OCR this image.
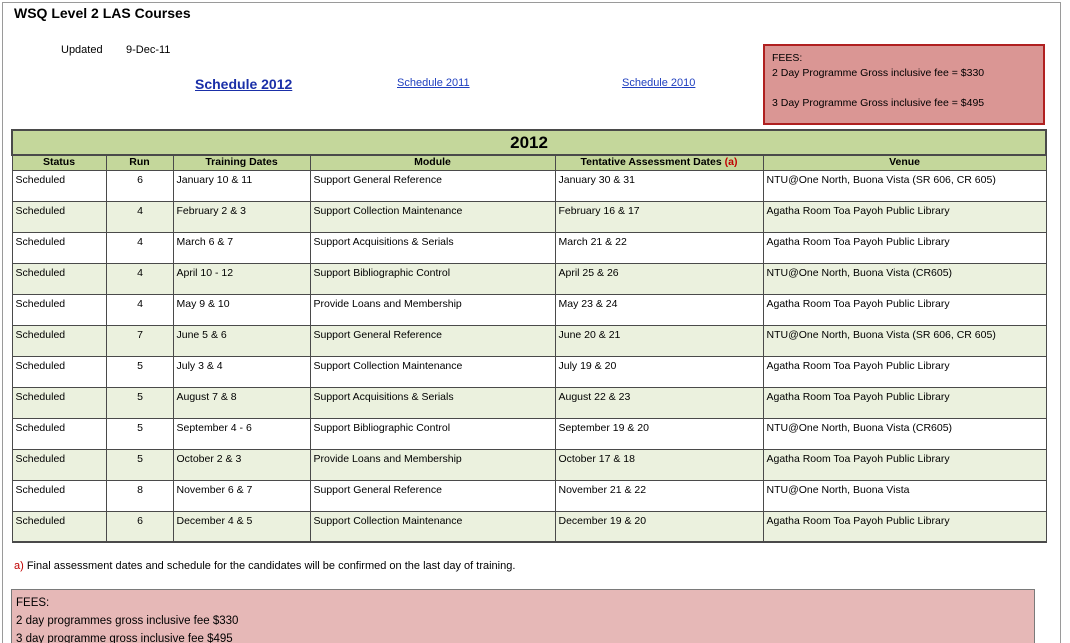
WSQ Level 2 LAS Courses
Updated 9-Dec-11
Schedule 2012	Schedule 2011	Schedule 2010
FEES:
2 Day Programme Gross inclusive fee = $330
3 Day Programme Gross inclusive fee = $495
2012					
Status	Run	Training Dates	Module	Tentative Assessment Dates (a)	Venue
Scheduled	6	January 10 & 11	Support General Reference	January 30 & 31	NTU@One North, Buona Vista (SR 606, CR 605)
Scheduled	4	February 2 & 3	Support Collection Maintenance	February 16 & 17	Agatha Room Toa Payoh Public Library
Scheduled	4	March 6 & 7	Support Acquisitions & Serials	March 21 & 22	Agatha Room Toa Payoh Public Library
Scheduled	4	April 10 - 12	Support Bibliographic Control	April 25 & 26	NTU@One North, Buona Vista (CR605)
Scheduled	4	May 9 & 10	Provide Loans and Membership	May 23 & 24	Agatha Room Toa Payoh Public Library
Scheduled	7	June 5 & 6	Support General Reference	June 20 & 21	NTU@One North, Buona Vista (SR 606, CR 605)
Scheduled	5	July 3 & 4	Support Collection Maintenance	July 19 & 20	Agatha Room Toa Payoh Public Library
Scheduled	5	August 7 & 8	Support Acquisitions & Serials	August 22 & 23	Agatha Room Toa Payoh Public Library
Scheduled	5	September 4 - 6	Support Bibliographic Control	September 19 & 20	NTU@One North, Buona Vista (CR605)
Scheduled	5	October 2 & 3	Provide Loans and Membership	October 17 & 18	Agatha Room Toa Payoh Public Library
Scheduled	8	November 6 & 7	Support General Reference	November 21 & 22	NTU@One North, Buona Vista
Scheduled	6	December 4 & 5	Support Collection Maintenance	December 19 & 20	Agatha Room Toa Payoh Public Library
a) Final assessment dates and schedule for the candidates will be confirmed on the last day of training.
FEES:
2 day programmes gross inclusive fee $330
3 day programme gross inclusive fee $495
